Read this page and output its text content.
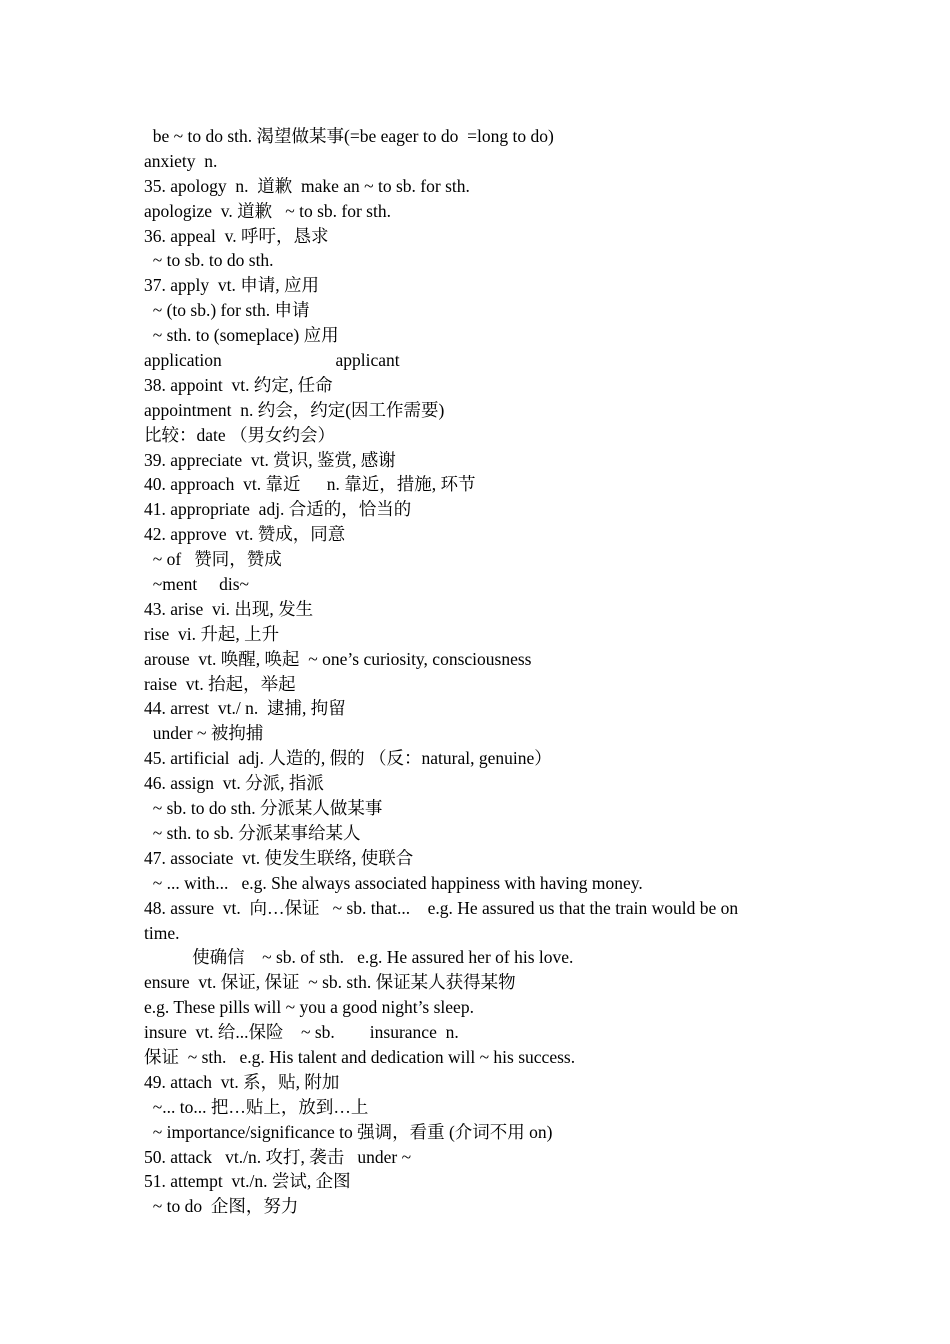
be ~ to do sth. 渴望做某事(=be eager to do  =long to do)
anxiety  n.
35. apology  n.  道歉  make an ~ to sb. for sth.
apologize  v. 道歉   ~ to sb. for sth.
36. appeal  v. 呼吁，恳求
~ to sb. to do sth.
37. apply  vt. 申请, 应用
~ (to sb.) for sth. 申请
~ sth. to (someplace) 应用
application                          applicant
38. appoint  vt. 约定, 任命
appointment  n. 约会，约定(因工作需要)
比较：date （男女约会）
39. appreciate  vt. 赏识, 鉴赏, 感谢
40. approach  vt. 靠近      n. 靠近，措施, 环节
41. appropriate  adj. 合适的，恰当的
42. approve  vt. 赞成，同意
~ of   赞同，赞成
~ment     dis~
43. arise  vi. 出现, 发生
rise  vi. 升起, 上升
arouse  vt. 唤醒, 唤起  ~ one’s curiosity, consciousness
raise  vt. 抬起，举起
44. arrest  vt./ n.  逮捕, 拘留
under ~ 被拘捕
45. artificial  adj. 人造的, 假的 （反：natural, genuine）
46. assign  vt. 分派, 指派
~ sb. to do sth. 分派某人做某事
~ sth. to sb. 分派某事给某人
47. associate  vt. 使发生联络, 使联合
~ ... with...   e.g. She always associated happiness with having money.
48. assure  vt.  向…保证   ~ sb. that...    e.g. He assured us that the train would be on
time.
使确信    ~ sb. of sth.   e.g. He assured her of his love.
ensure  vt. 保证, 保证  ~ sb. sth. 保证某人获得某物
e.g. These pills will ~ you a good night’s sleep.
insure  vt. 给...保险    ~ sb.        insurance  n.
保证  ~ sth.   e.g. His talent and dedication will ~ his success.
49. attach  vt. 系，贴, 附加
~... to... 把…贴上，放到…上
~ importance/significance to 强调，看重 (介词不用 on)
50. attack   vt./n. 攻打, 袭击   under ~
51. attempt  vt./n. 尝试, 企图
~ to do  企图，努力
